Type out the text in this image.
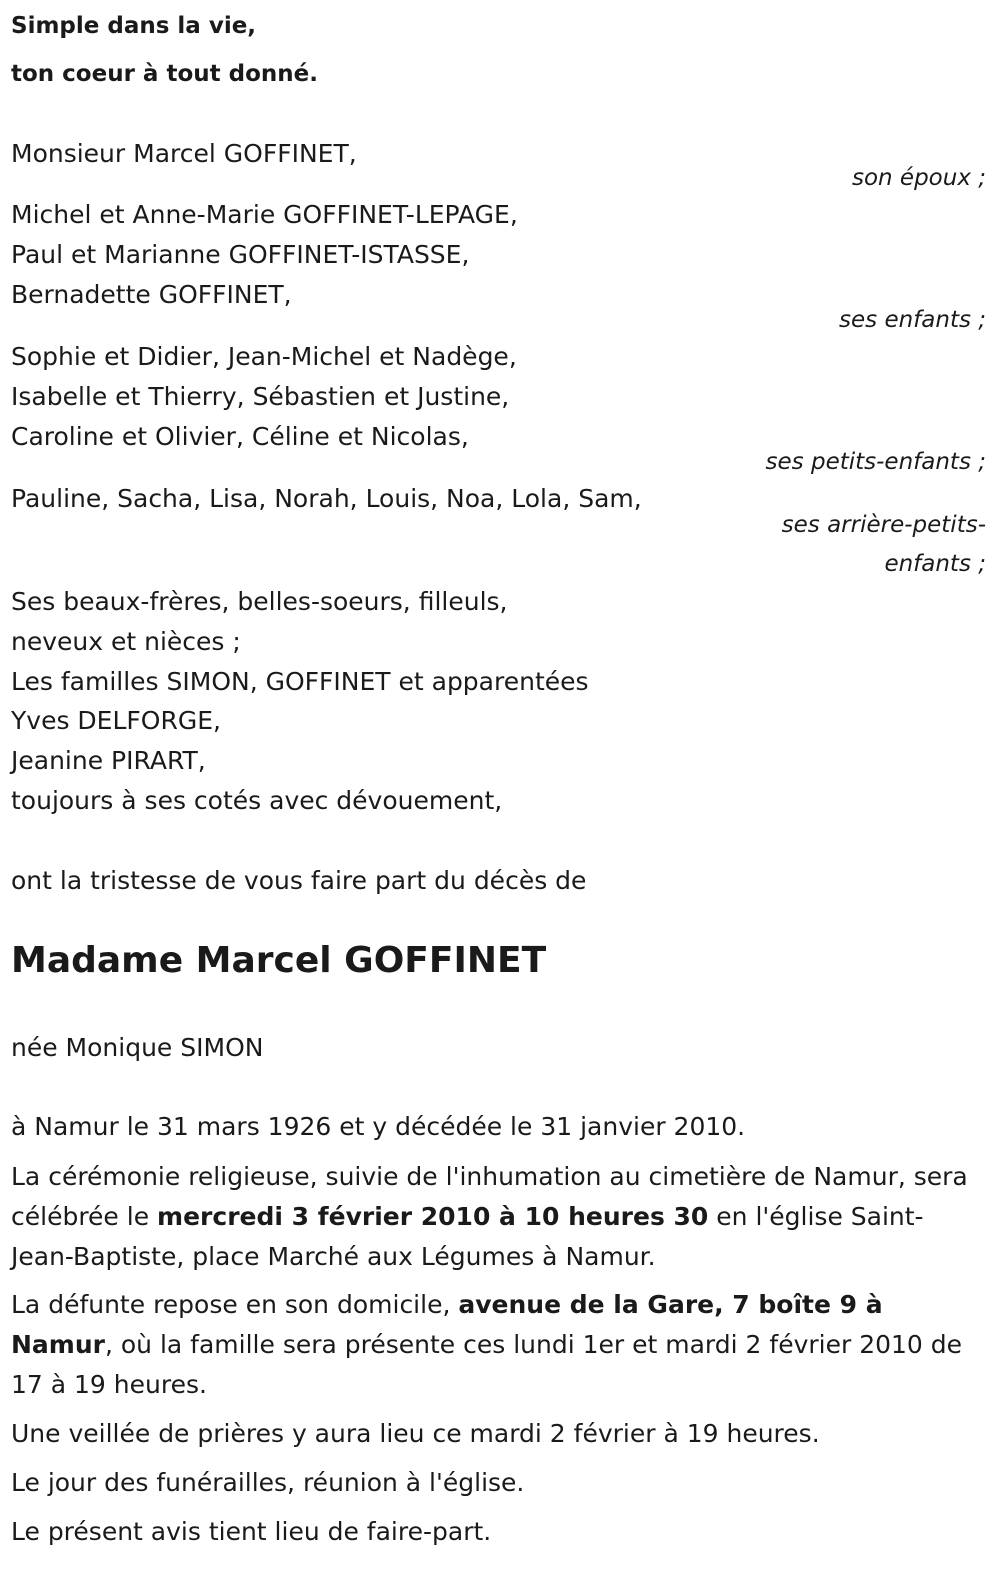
Simple dans la vie,

ton coeur à tout donné.

Monsieur Marcel GOFFINET,

son époux ;

Michel et Anne-Marie GOFFINET-LEPAGE,

Paul et Marianne GOFFINET-ISTASSE,

Bernadette GOFFINET,

ses enfants ;

Sophie et Didier, Jean-Michel et Nadège,

Isabelle et Thierry, Sébastien et Justine,

Caroline et Olivier, Céline et Nicolas,

ses petits-enfants ;

Pauline, Sacha, Lisa, Norah, Louis, Noa, Lola, Sam,

ses arrière-petits-

enfants ;

Ses beaux-frères, belles-soeurs, filleuls,

neveux et nièces ;

Les familles SIMON, GOFFINET et apparentées

Yves DELFORGE,

Jeanine PIRART,

toujours à ses cotés avec dévouement,

ont la tristesse de vous faire part du décès de

Madame Marcel GOFFINET

née Monique SIMON

à Namur le 31 mars 1926 et y décédée le 31 janvier 2010.

La cérémonie religieuse, suivie de l'inhumation au cimetière de Namur, sera célébrée le mercredi 3 février 2010 à 10 heures 30 en l'église Saint-Jean-Baptiste, place Marché aux Légumes à Namur.

La défunte repose en son domicile, avenue de la Gare, 7 boîte 9 à Namur, où la famille sera présente ces lundi 1er et mardi 2 février 2010 de 17 à 19 heures.

Une veillée de prières y aura lieu ce mardi 2 février à 19 heures.

Le jour des funérailles, réunion à l'église.

Le présent avis tient lieu de faire-part.
